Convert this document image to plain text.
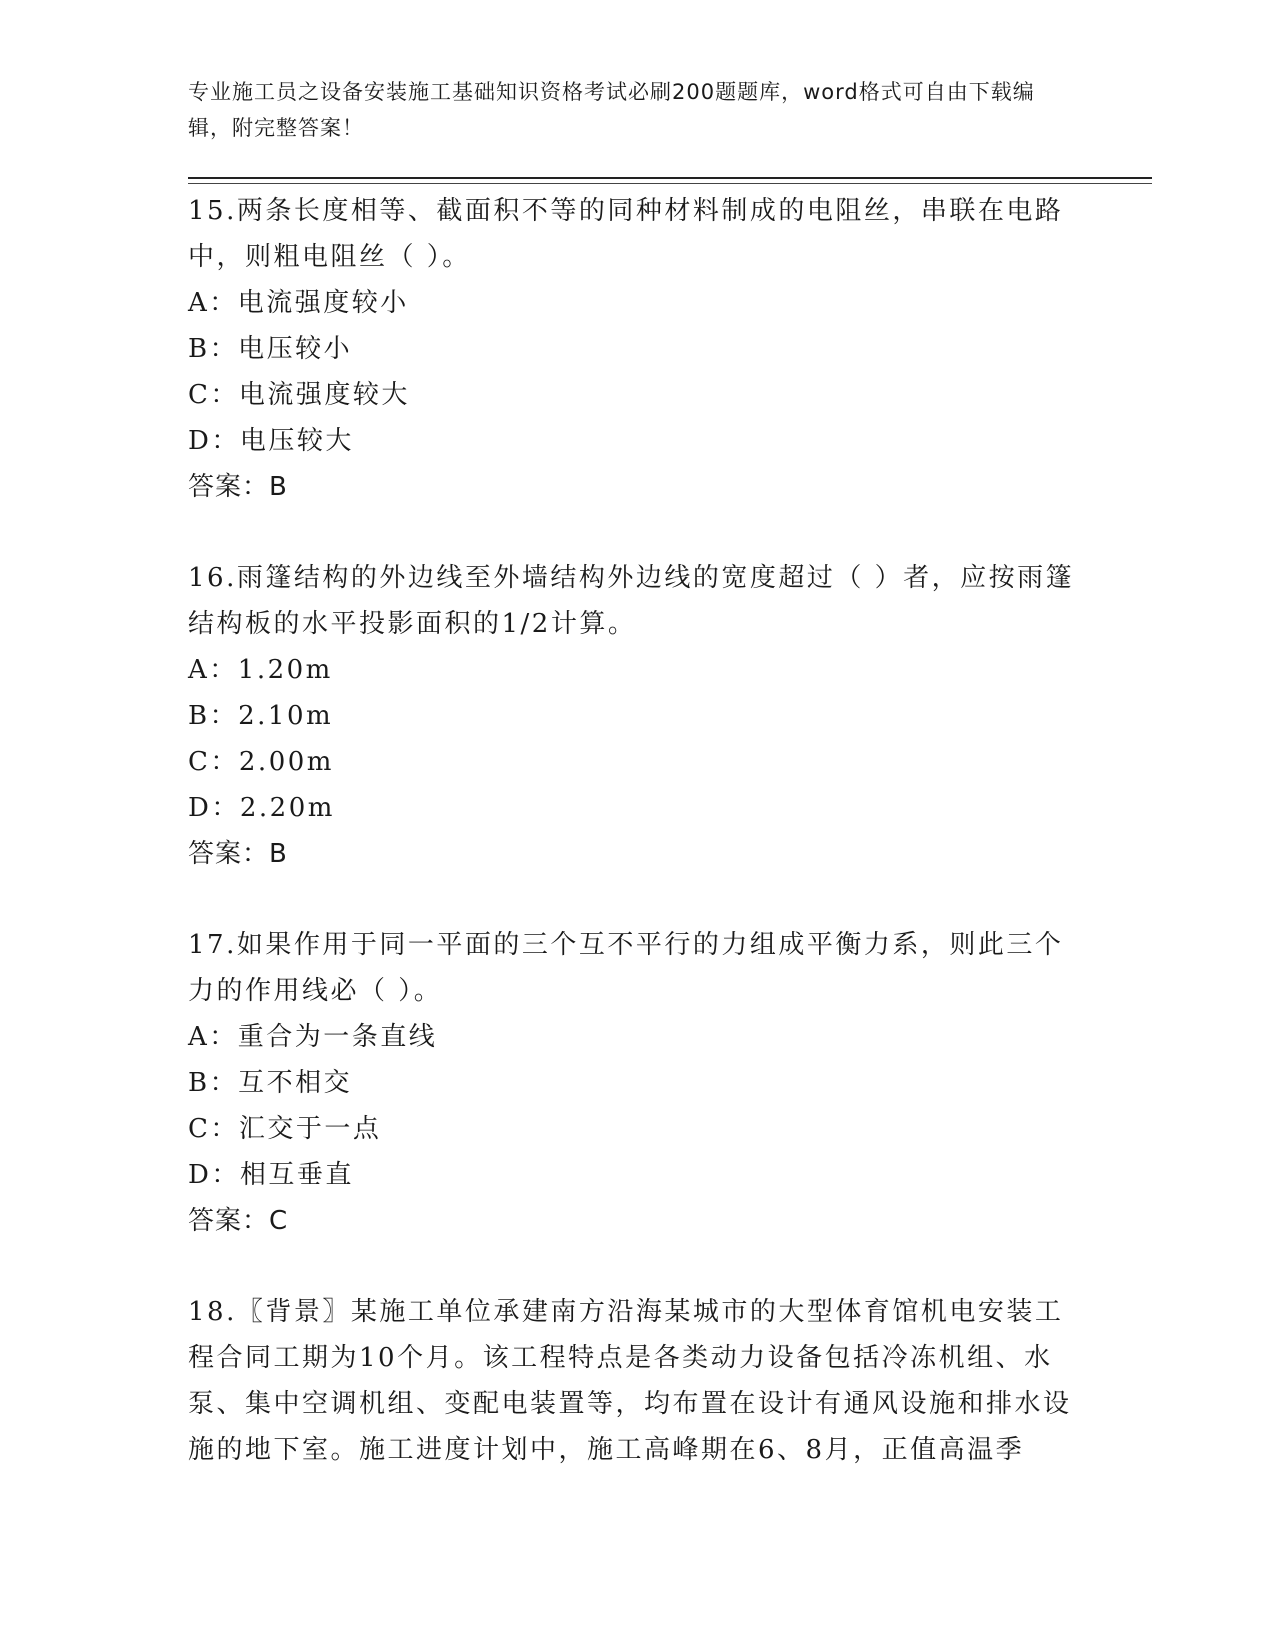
专业施工员之设备安装施工基础知识资格考试必刷200题题库，word格式可自由下载编辑，附完整答案！

15.两条长度相等、截面积不等的同种材料制成的电阻丝，串联在电路中，则粗电阻丝（ ）。

A：电流强度较小

B：电压较小

C：电流强度较大

D：电压较大

答案：B

16.雨篷结构的外边线至外墙结构外边线的宽度超过（ ）者，应按雨篷结构板的水平投影面积的1/2计算。

A：1.20m

B：2.10m

C：2.00m

D：2.20m

答案：B

17.如果作用于同一平面的三个互不平行的力组成平衡力系，则此三个力的作用线必（ ）。

A：重合为一条直线

B：互不相交

C：汇交于一点

D：相互垂直

答案：C

18.〖背景〗某施工单位承建南方沿海某城市的大型体育馆机电安装工程合同工期为10个月。该工程特点是各类动力设备包括冷冻机组、水泵、集中空调机组、变配电装置等，均布置在设计有通风设施和排水设施的地下室。施工进度计划中，施工高峰期在6、8月，正值高温季
